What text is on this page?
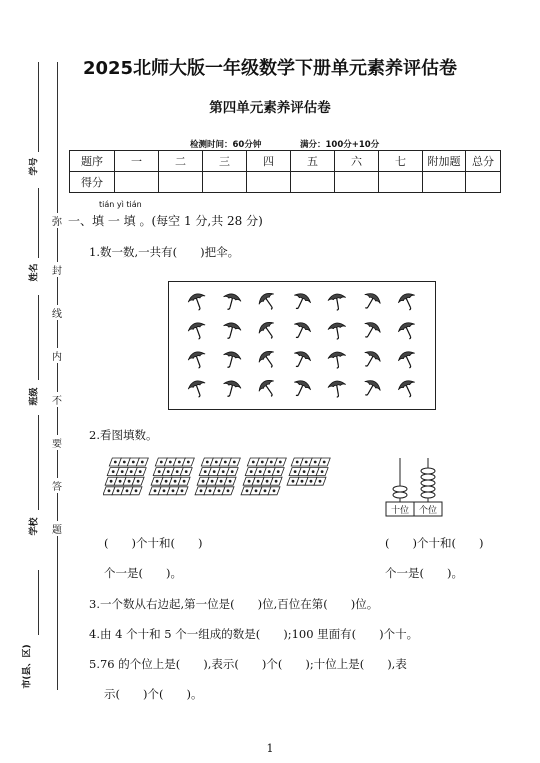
学号
姓名
班级
学校
市(县、区)
弥
封
线
内
不
要
答
题
2025北师大版一年级数学下册单元素养评估卷
第四单元素养评估卷
检测时间：60分钟	满分：100分+10分
题序	一	二	三	四	五	六	七	附加题	总分
得分									
tián yì tián
一、填 一 填 。(每空 1 分,共 28 分)
1.数一数,一共有(　　)把伞。
2.看图填数。
十位	个位
(　　)个十和(　　)
个一是(　　)。
(　　)个十和(　　)
个一是(　　)。
3.一个数从右边起,第一位是(　　)位,百位在第(　　)位。
4.由 4 个十和 5 个一组成的数是(　　);100 里面有(　　)个十。
5.76 的个位上是(　　),表示(　　)个(　　);十位上是(　　),表
示(　　)个(　　)。
1
